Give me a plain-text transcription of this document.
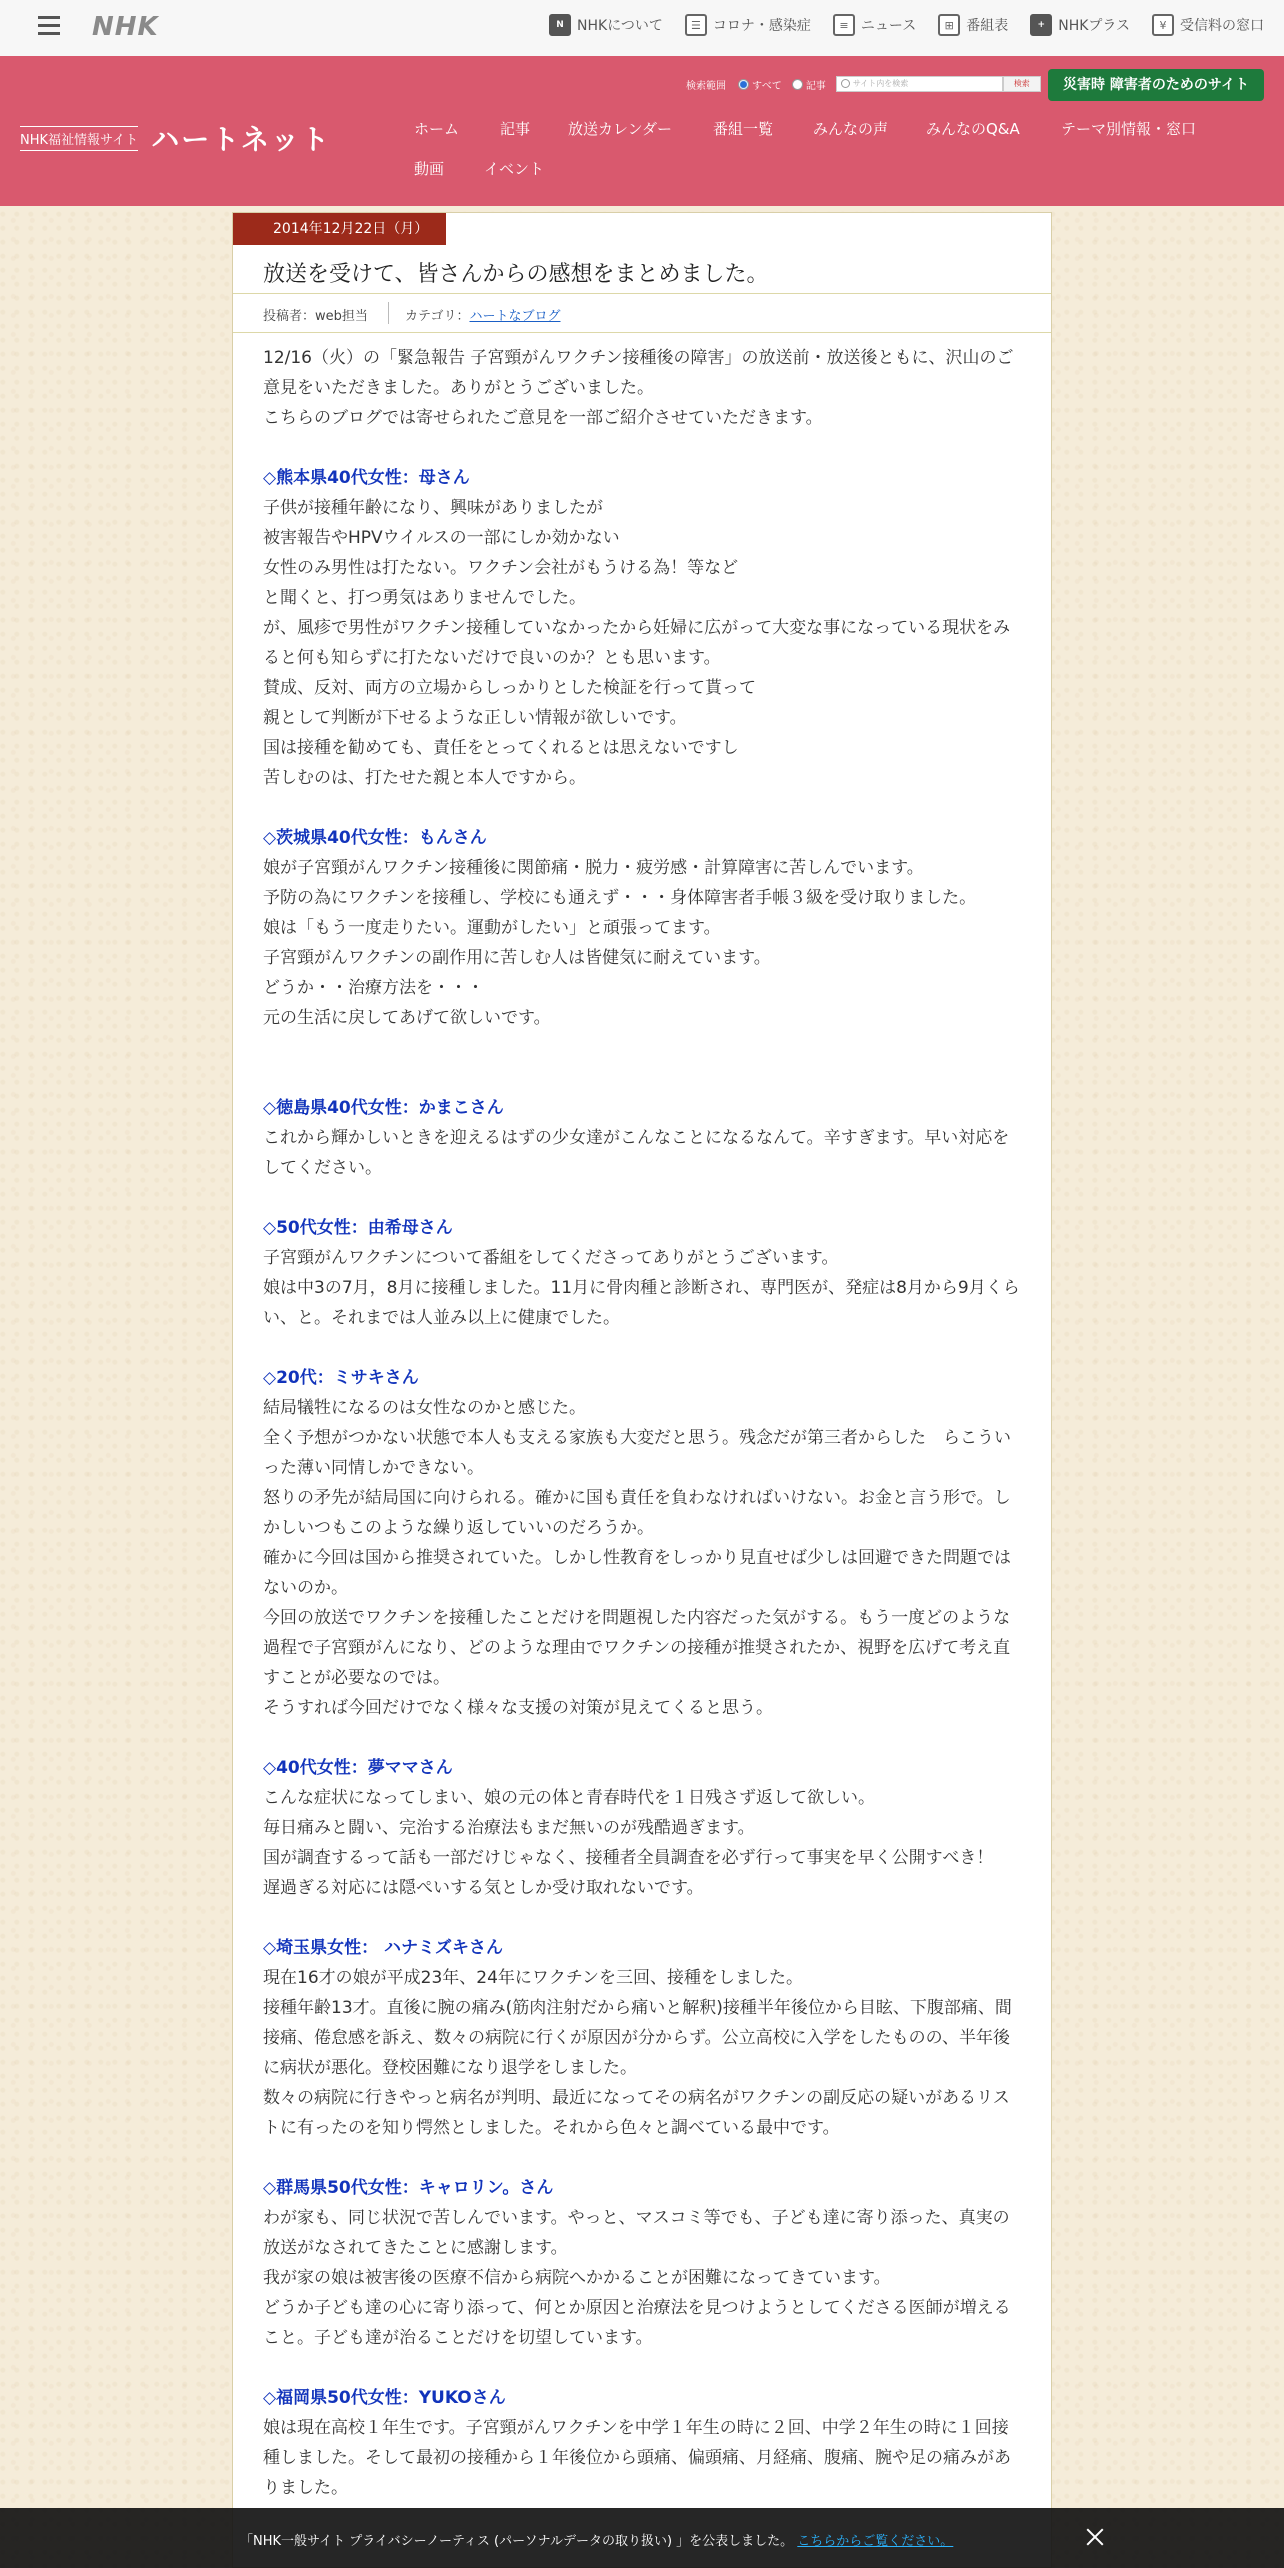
NHK	N NHKについて	☰ コロナ・感染症	≡ ニュース	⊞ 番組表	+ NHKプラス	¥ 受信料の窓口
NHK福祉情報サイト ハートネット
検索範囲	すべて 記事	サイト内を検索	検索	災害時 障害者のためのサイト
ホーム	記事	放送カレンダー	番組一覧	みんなの声	みんなのQ&A	テーマ別情報・窓口
動画	イベント
2014年12月22日（月）
放送を受けて、皆さんからの感想をまとめました。
投稿者：web担当	カテゴリ：ハートなブログ

12/16（火）の「緊急報告 子宮頸がんワクチン接種後の障害」の放送前・放送後ともに、沢山のご意見をいただきました。ありがとうございました。

こちらのブログでは寄せられたご意見を一部ご紹介させていただきます。

◇熊本県40代女性：母さん

子供が接種年齢になり、興味がありましたが

被害報告やHPVウイルスの一部にしか効かない

女性のみ男性は打たない。ワクチン会社がもうける為！等など

と聞くと、打つ勇気はありませんでした。

が、風疹で男性がワクチン接種していなかったから妊婦に広がって大変な事になっている現状をみると何も知らずに打たないだけで良いのか？とも思います。

賛成、反対、両方の立場からしっかりとした検証を行って貰って

親として判断が下せるような正しい情報が欲しいです。

国は接種を勧めても、責任をとってくれるとは思えないですし

苦しむのは、打たせた親と本人ですから。

◇茨城県40代女性：もんさん

娘が子宮頸がんワクチン接種後に関節痛・脱力・疲労感・計算障害に苦しんでいます。

予防の為にワクチンを接種し、学校にも通えず・・・身体障害者手帳３級を受け取りました。

娘は「もう一度走りたい。運動がしたい」と頑張ってます。

子宮頸がんワクチンの副作用に苦しむ人は皆健気に耐えています。

どうか・・治療方法を・・・

元の生活に戻してあげて欲しいです。

◇徳島県40代女性：かまこさん

これから輝かしいときを迎えるはずの少女達がこんなことになるなんて。辛すぎます。早い対応をしてください。

◇50代女性：由希母さん

子宮頸がんワクチンについて番組をしてくださってありがとうございます。

娘は中3の7月，8月に接種しました。11月に骨肉種と診断され、専門医が、発症は8月から9月くらい、と。それまでは人並み以上に健康でした。

◇20代：ミサキさん

結局犠牲になるのは女性なのかと感じた。

全く予想がつかない状態で本人も支える家族も大変だと思う。残念だが第三者からした　らこういった薄い同情しかできない。

怒りの矛先が結局国に向けられる。確かに国も責任を負わなければいけない。お金と言う形で。しかしいつもこのような繰り返していいのだろうか。

確かに今回は国から推奨されていた。しかし性教育をしっかり見直せば少しは回避できた問題ではないのか。

今回の放送でワクチンを接種したことだけを問題視した内容だった気がする。もう一度どのような過程で子宮頸がんになり、どのような理由でワクチンの接種が推奨されたか、視野を広げて考え直すことが必要なのでは。

そうすれば今回だけでなく様々な支援の対策が見えてくると思う。

◇40代女性：夢ママさん

こんな症状になってしまい、娘の元の体と青春時代を１日残さず返して欲しい。

毎日痛みと闘い、完治する治療法もまだ無いのが残酷過ぎます。

国が調査するって話も一部だけじゃなく、接種者全員調査を必ず行って事実を早く公開すべき！

遅過ぎる対応には隠ぺいする気としか受け取れないです。

◇埼玉県女性： ハナミズキさん

現在16才の娘が平成23年、24年にワクチンを三回、接種をしました。

接種年齢13才。直後に腕の痛み(筋肉注射だから痛いと解釈)接種半年後位から目眩、下腹部痛、間接痛、倦怠感を訴え、数々の病院に行くが原因が分からず。公立高校に入学をしたものの、半年後に病状が悪化。登校困難になり退学をしました。

数々の病院に行きやっと病名が判明、最近になってその病名がワクチンの副反応の疑いがあるリストに有ったのを知り愕然としました。それから色々と調べている最中です。

◇群馬県50代女性：キャロリン。さん

わが家も、同じ状況で苦しんでいます。やっと、マスコミ等でも、子ども達に寄り添った、真実の放送がなされてきたことに感謝します。

我が家の娘は被害後の医療不信から病院へかかることが困難になってきています。

どうか子ども達の心に寄り添って、何とか原因と治療法を見つけようとしてくださる医師が増えること。子ども達が治ることだけを切望しています。

◇福岡県50代女性：YUKOさん

娘は現在高校１年生です。子宮頸がんワクチンを中学１年生の時に２回、中学２年生の時に１回接種しました。そして最初の接種から１年後位から頭痛、偏頭痛、月経痛、腹痛、腕や足の痛みがありました。

「NHK一般サイト プライバシーノーティス (パーソナルデータの取り扱い) 」を公表しました。 こちらからご覧ください。
